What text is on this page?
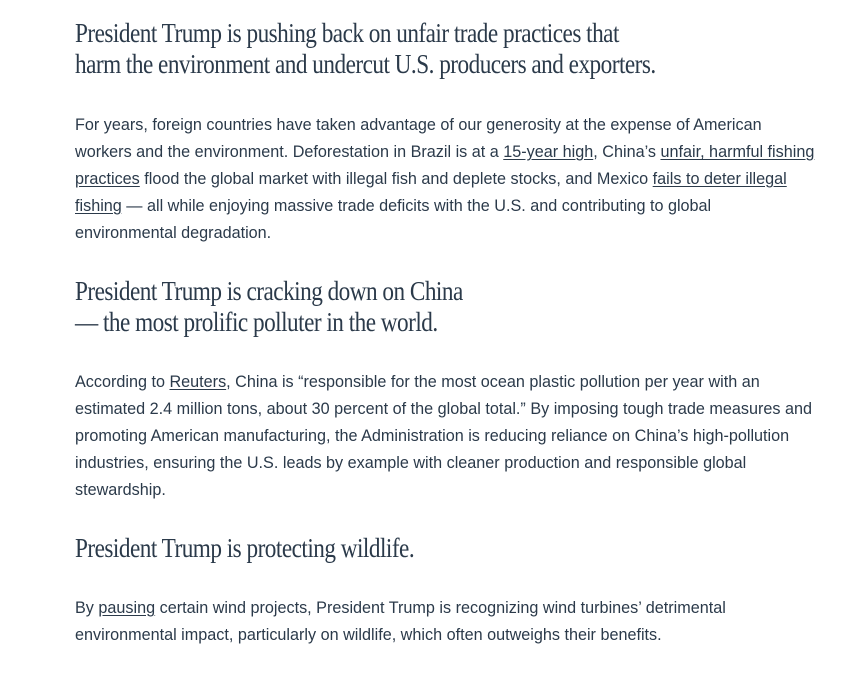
President Trump is pushing back on unfair trade practices that
harm the environment and undercut U.S. producers and exporters.

For years, foreign countries have taken advantage of our generosity at the expense of American workers and the environment. Deforestation in Brazil is at a 15-year high, China’s unfair, harmful fishing practices flood the global market with illegal fish and deplete stocks, and Mexico fails to deter illegal fishing — all while enjoying massive trade deficits with the U.S. and contributing to global environmental degradation.

President Trump is cracking down on China
— the most prolific polluter in the world.

According to Reuters, China is “responsible for the most ocean plastic pollution per year with an estimated 2.4 million tons, about 30 percent of the global total.” By imposing tough trade measures and promoting American manufacturing, the Administration is reducing reliance on China’s high-pollution industries, ensuring the U.S. leads by example with cleaner production and responsible global stewardship.

President Trump is protecting wildlife.

By pausing certain wind projects, President Trump is recognizing wind turbines’ detrimental environmental impact, particularly on wildlife, which often outweighs their benefits.
